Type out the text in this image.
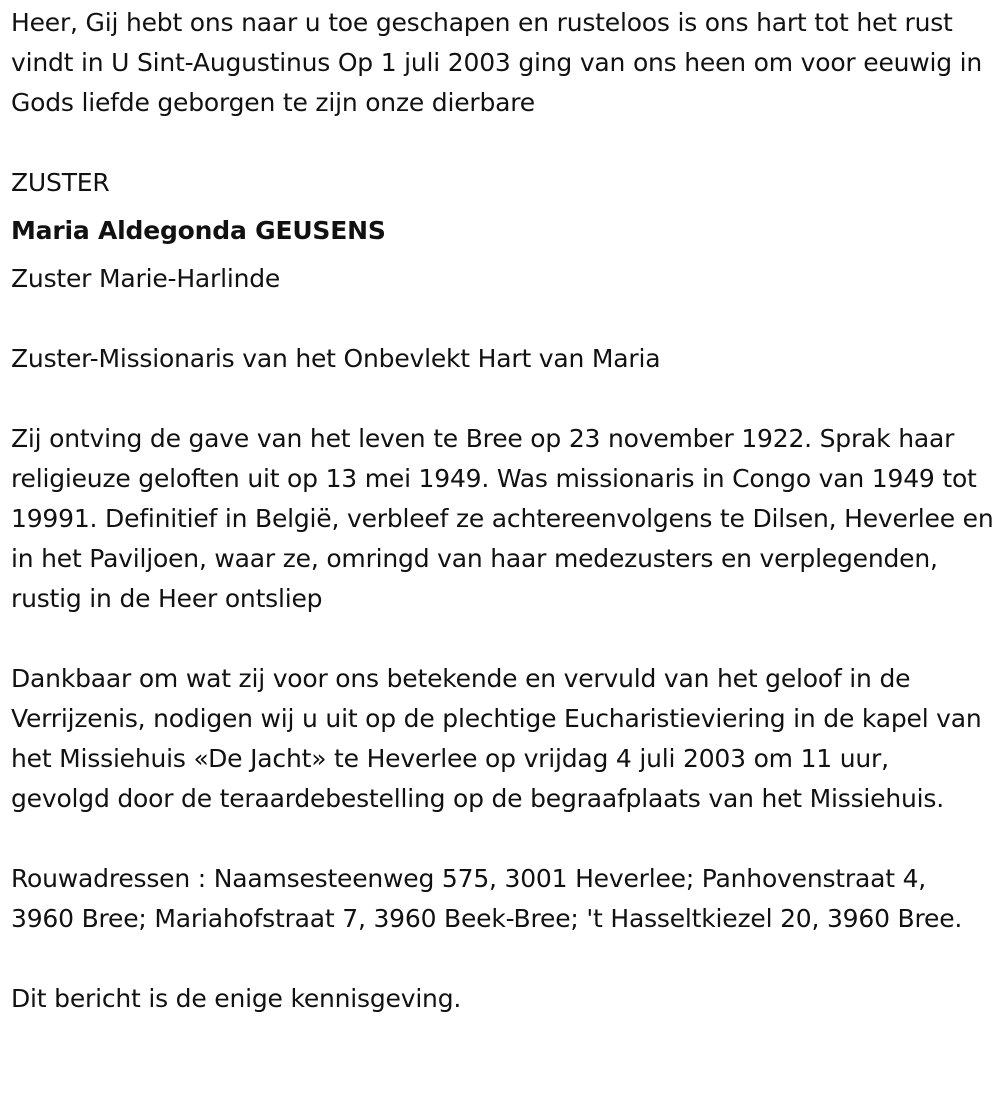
Heer, Gij hebt ons naar u toe geschapen en rusteloos is ons hart tot het rust vindt in U Sint-Augustinus Op 1 juli 2003 ging van ons heen om voor eeuwig in Gods liefde geborgen te zijn onze dierbare

ZUSTER

Maria Aldegonda GEUSENS

Zuster Marie-Harlinde

Zuster-Missionaris van het Onbevlekt Hart van Maria

Zij ontving de gave van het leven te Bree op 23 november 1922. Sprak haar religieuze geloften uit op 13 mei 1949. Was missionaris in Congo van 1949 tot 19991. Definitief in België, verbleef ze achtereenvolgens te Dilsen, Heverlee en in het Paviljoen, waar ze, omringd van haar medezusters en verplegenden, rustig in de Heer ontsliep

Dankbaar om wat zij voor ons betekende en vervuld van het geloof in de Verrijzenis, nodigen wij u uit op de plechtige Eucharistieviering in de kapel van het Missiehuis «De Jacht» te Heverlee op vrijdag 4 juli 2003 om 11 uur, gevolgd door de teraardebestelling op de begraafplaats van het Missiehuis.

Rouwadressen : Naamsesteenweg 575, 3001 Heverlee; Panhovenstraat 4, 3960 Bree; Mariahofstraat 7, 3960 Beek-Bree; 't Hasseltkiezel 20, 3960 Bree.

Dit bericht is de enige kennisgeving.
